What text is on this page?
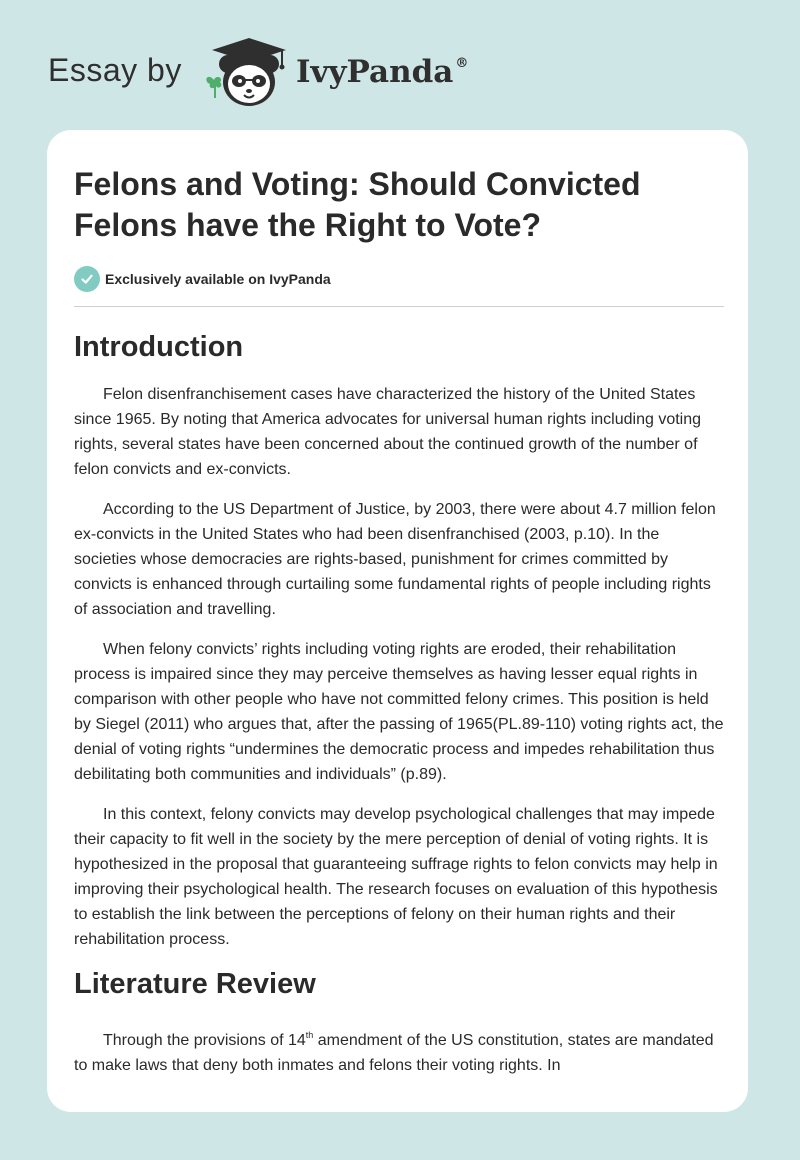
Essay by	IvyPanda ®
Felons and Voting: Should Convicted Felons have the Right to Vote?
Exclusively available on IvyPanda
Introduction

Felon disenfranchisement cases have characterized the history of the United States since 1965. By noting that America advocates for universal human rights including voting rights, several states have been concerned about the continued growth of the number of felon convicts and ex-convicts.

According to the US Department of Justice, by 2003, there were about 4.7 million felon ex-convicts in the United States who had been disenfranchised (2003, p.10). In the societies whose democracies are rights-based, punishment for crimes committed by convicts is enhanced through curtailing some fundamental rights of people including rights of association and travelling.

When felony convicts’ rights including voting rights are eroded, their rehabilitation process is impaired since they may perceive themselves as having lesser equal rights in comparison with other people who have not committed felony crimes. This position is held by Siegel (2011) who argues that, after the passing of 1965(PL.89-110) voting rights act, the denial of voting rights “undermines the democratic process and impedes rehabilitation thus debilitating both communities and individuals” (p.89).

In this context, felony convicts may develop psychological challenges that may impede their capacity to fit well in the society by the mere perception of denial of voting rights. It is hypothesized in the proposal that guaranteeing suffrage rights to felon convicts may help in improving their psychological health. The research focuses on evaluation of this hypothesis to establish the link between the perceptions of felony on their human rights and their rehabilitation process.

Literature Review

Through the provisions of 14th amendment of the US constitution, states are mandated to make laws that deny both inmates and felons their voting rights. In
